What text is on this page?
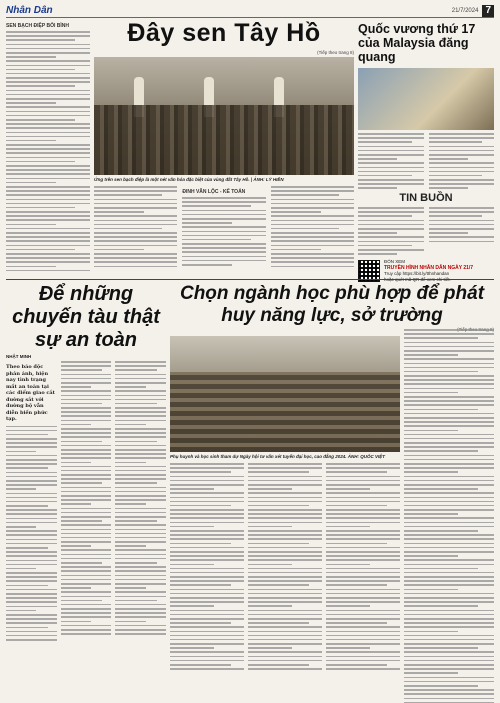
Nhân Dân	21/7/2024 7
SEN BẠCH ĐIỆP BỐI BÌNH	Đây sen Tây Hồ
(Tiếp theo trang 8)
Ứng trên sen bạch điệp là một nét văn hóa đặc biệt của vùng đất Tây Hồ. | ẢNH: LÝ HIỀN
ĐINH VĂN LỘC - KẾ TOÁN
Quốc vương thứ 17 của Malaysia đăng quang
TIN BUỒN
ĐÓN XEM
TRUYỀN HÌNH NHÂN DÂN NGÀY 21/7
Truy cập https://bit.ly/tthnhandan
Để những chuyến tàu thật sự an toàn
NHẬT MINH
Theo báo độc phản ánh, hiện nay tình trạng mất an toàn tại các điểm giao cắt đường sắt với đường bộ vẫn diễn biến phức tạp.
Chọn ngành học phù hợp để phát huy năng lực, sở trường
Phụ huynh và học sinh tham dự Ngày hội tư vấn xét tuyển đại học, cao đẳng 2024. ẢNH: QUỐC VIỆT
